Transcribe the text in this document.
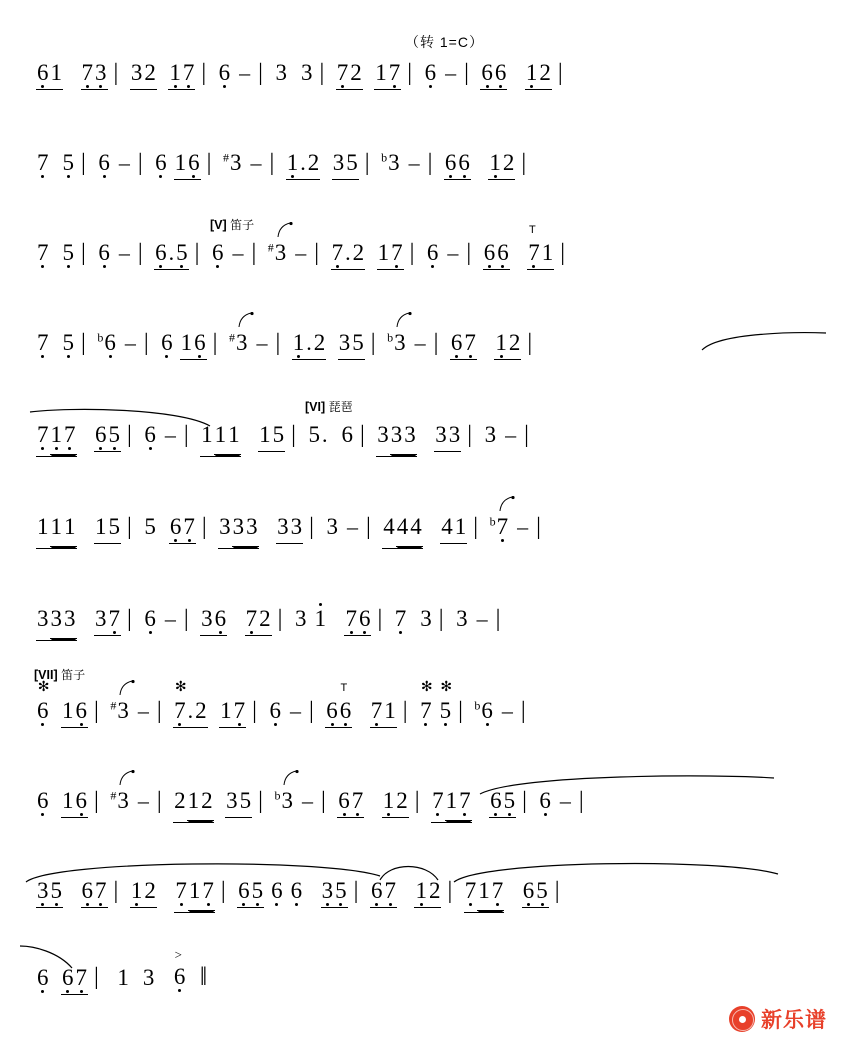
（转 1=C）
61 73 | 32 17 | 6 – | 3 3 | 72 17 | 6 – | 66 12 |
7 5 | 6 – | 6 16 | #3 – | 1.2 35 | $^b$3 – | 66 12 |
[V] 笛子
7 5 | 6 – | 6.5 | 6 – | #3 – | 7.2 17 | 6 – | 66 7
T
1 |
7 5 | $^b$6 – | 6 16 | #3 – | 1.2 35 | $^b$3 – | 67 12 |
[VI] 琵琶
717 65 | 6 – | 111 15 | 5. 6 | 333 33 | 3 – |
111 15 | 5 67 | 333 33 | 3 – | 444 41 | $^b$7 – |
333 37 | 6 – | 36 72 | 3 1 76 | 7 3 | 3 – |
[VII] 笛子
6
✻
16 | #3 – | 7
✻
.2 17 | 6 – | 66
T
71 | 7
✻
5
✻
| $^b$6 – |
6 16 | #3 – | 212 35 | $^b$3 – | 67 12 | 717 65 | 6 – |
35 67 | 12 717 | 65 6 6 35 | 67 12 | 717 65 |
6 67 | 1 3 6
>
‖
新乐谱
